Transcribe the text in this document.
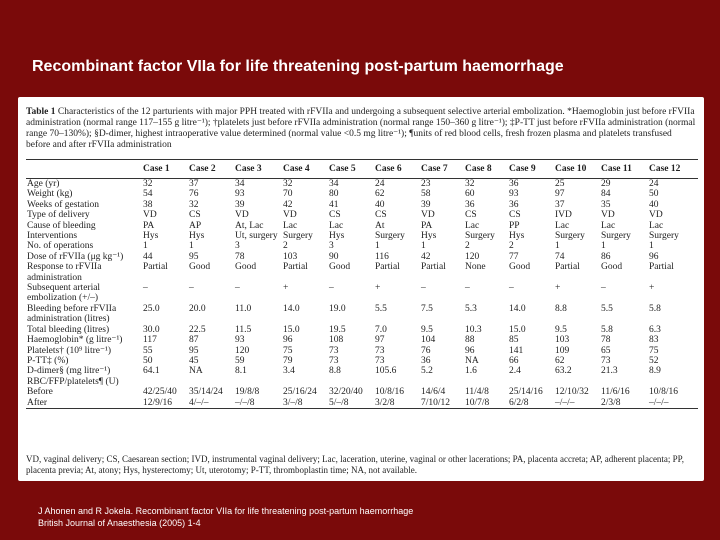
Recombinant factor VIIa for life threatening post-partum haemorrhage
Table 1 Characteristics of the 12 parturients with major PPH treated with rFVIIa and undergoing a subsequent selective arterial embolization. *Haemoglobin just before rFVIIa administration (normal range 117–155 g litre⁻¹); †platelets just before rFVIIa administration (normal range 150–360 g litre⁻¹); ‡P-TT just before rFVIIa administration (normal range 70–130%); §D-dimer, highest intraoperative value determined (normal value <0.5 mg litre⁻¹); ¶units of red blood cells, fresh frozen plasma and platelets transfused before and after rFVIIa administration
	Case 1	Case 2	Case 3	Case 4	Case 5	Case 6	Case 7	Case 8	Case 9	Case 10	Case 11	Case 12
Age (yr)	32	37	34	32	34	24	23	32	36	25	29	24
Weight (kg)	54	76	93	70	80	62	58	60	93	97	84	50
Weeks of gestation	38	32	39	42	41	40	39	36	36	37	35	40
Type of delivery	VD	CS	VD	VD	CS	CS	VD	CS	CS	IVD	VD	VD
Cause of bleeding	PA	AP	At, Lac	Lac	Lac	At	PA	Lac	PP	Lac	Lac	Lac
Interventions	Hys	Hys	Ut, surgery	Surgery	Hys	Surgery	Hys	Surgery	Hys	Surgery	Surgery	Surgery
No. of operations	1	1	3	2	3	1	1	2	2	1	1	1
Dose of rFVIIa (μg kg⁻¹)	44	95	78	103	90	116	42	120	77	74	86	96
Response to rFVIIa	Partial	Good	Good	Partial	Good	Partial	Partial	None	Good	Partial	Good	Partial
administration												
Subsequent arterial	–	–	–	+	–	+	–	–	–	+	–	+
embolization (+/–)												
Bleeding before rFVIIa	25.0	20.0	11.0	14.0	19.0	5.5	7.5	5.3	14.0	8.8	5.5	5.8
administration (litres)												
Total bleeding (litres)	30.0	22.5	11.5	15.0	19.5	7.0	9.5	10.3	15.0	9.5	5.8	6.3
Haemoglobin* (g litre⁻¹)	117	87	93	96	108	97	104	88	85	103	78	83
Platelets† (10⁹ litre⁻¹)	55	95	120	75	73	73	76	96	141	109	65	75
P-TT‡ (%)	50	45	59	79	73	73	36	NA	66	62	73	52
D-dimer§ (mg litre⁻¹)	64.1	NA	8.1	3.4	8.8	105.6	5.2	1.6	2.4	63.2	21.3	8.9
RBC/FFP/platelets¶ (U)												
Before	42/25/40	35/14/24	19/8/8	25/16/24	32/20/40	10/8/16	14/6/4	11/4/8	25/14/16	12/10/32	11/6/16	10/8/16
After	12/9/16	4/–/–	–/–/8	3/–/8	5/–/8	3/2/8	7/10/12	10/7/8	6/2/8	–/–/–	2/3/8	–/–/–
VD, vaginal delivery; CS, Caesarean section; IVD, instrumental vaginal delivery; Lac, laceration, uterine, vaginal or other lacerations; PA, placenta accreta; AP, adherent placenta; PP, placenta previa; At, atony; Hys, hysterectomy; Ut, uterotomy; P-TT, thromboplastin time; NA, not available.
J Ahonen and R Jokela. Recombinant factor VIIa for life threatening post-partum haemorrhage
British Journal of Anaesthesia (2005) 1-4
